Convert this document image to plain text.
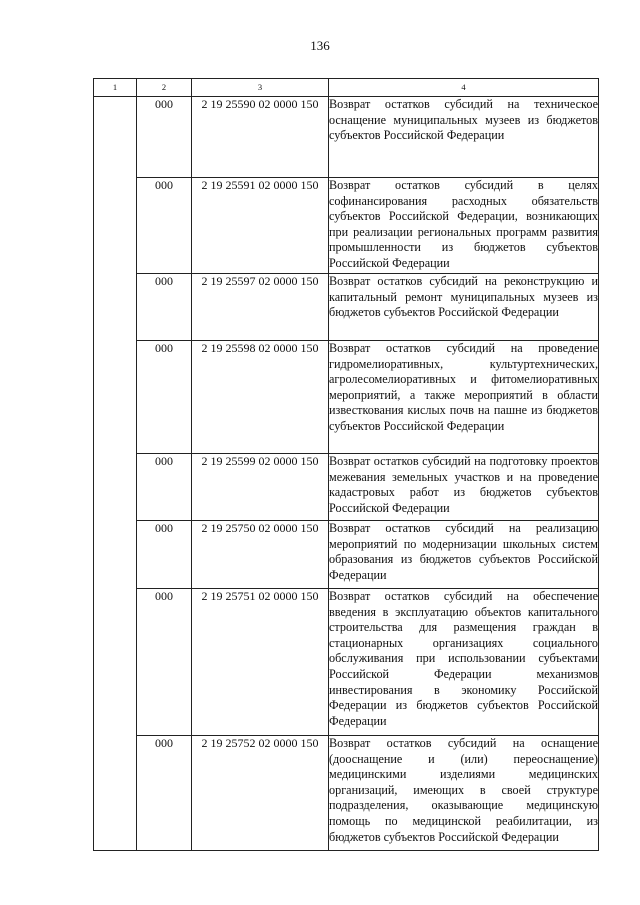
136
1	2	3	4
	000	2 19 25590 02 0000 150	Возврат остатков субсидий на техническое оснащение муниципальных музеев из бюджетов субъектов Российской Федерации
	000	2 19 25591 02 0000 150	Возврат остатков субсидий в целях софинансирования расходных обязательств субъектов Российской Федерации, возникающих при реализации региональных программ развития промышленности из бюджетов субъектов Российской Федерации
	000	2 19 25597 02 0000 150	Возврат остатков субсидий на реконструкцию и капитальный ремонт муниципальных музеев из бюджетов субъектов Российской Федерации
	000	2 19 25598 02 0000 150	Возврат остатков субсидий на проведение гидромелиоративных, культуртехнических, агролесомелиоративных и фитомелиоративных мероприятий, а также мероприятий в области известкования кислых почв на пашне из бюджетов субъектов Российской Федерации
	000	2 19 25599 02 0000 150	Возврат остатков субсидий на подготовку проектов межевания земельных участков и на проведение кадастровых работ из бюджетов субъектов Российской Федерации
	000	2 19 25750 02 0000 150	Возврат остатков субсидий на реализацию мероприятий по модернизации школьных систем образования из бюджетов субъектов Российской Федерации
	000	2 19 25751 02 0000 150	Возврат остатков субсидий на обеспечение введения в эксплуатацию объектов капитального строительства для размещения граждан в стационарных организациях социального обслуживания при использовании субъектами Российской Федерации механизмов инвестирования в экономику Российской Федерации из бюджетов субъектов Российской Федерации
	000	2 19 25752 02 0000 150	Возврат остатков субсидий на оснащение (дооснащение и (или) переоснащение) медицинскими изделиями медицинских организаций, имеющих в своей структуре подразделения, оказывающие медицинскую помощь по медицинской реабилитации, из бюджетов субъектов Российской Федерации
